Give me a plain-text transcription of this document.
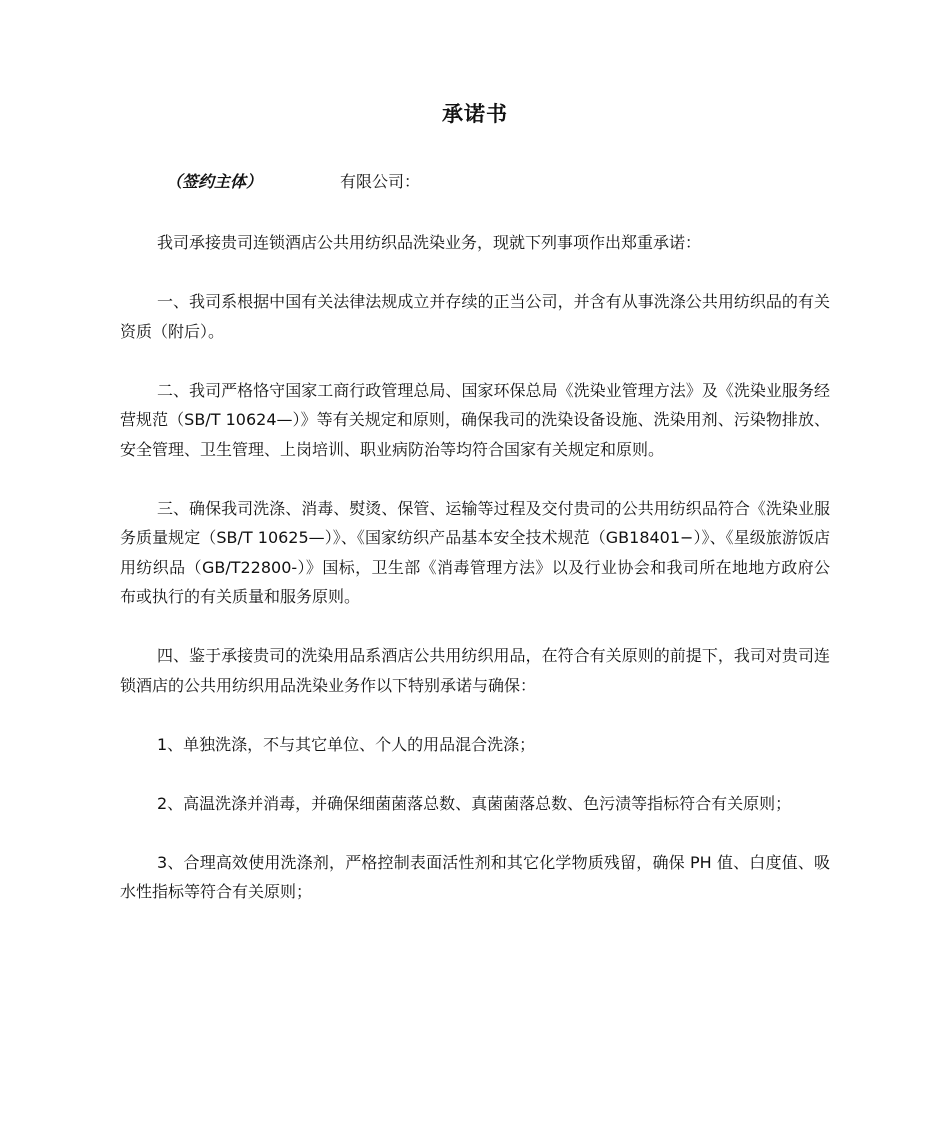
承诺书
（签约主体）	有限公司：

我司承接贵司连锁酒店公共用纺织品洗染业务，现就下列事项作出郑重承诺：

一、我司系根据中国有关法律法规成立并存续的正当公司，并含有从事洗涤公共用纺织品的有关资质（附后）。

二、我司严格恪守国家工商行政管理总局、国家环保总局《洗染业管理方法》及《洗染业服务经营规范（SB/T 10624—）》等有关规定和原则，确保我司的洗染设备设施、洗染用剂、污染物排放、安全管理、卫生管理、上岗培训、职业病防治等均符合国家有关规定和原则。

三、确保我司洗涤、消毒、熨烫、保管、运输等过程及交付贵司的公共用纺织品符合《洗染业服务质量规定（SB/T 10625—）》、《国家纺织产品基本安全技术规范（GB18401−）》、《星级旅游饭店用纺织品（GB/T22800-）》国标，卫生部《消毒管理方法》以及行业协会和我司所在地地方政府公布或执行的有关质量和服务原则。

四、鉴于承接贵司的洗染用品系酒店公共用纺织用品，在符合有关原则的前提下，我司对贵司连锁酒店的公共用纺织用品洗染业务作以下特别承诺与确保：

1、单独洗涤，不与其它单位、个人的用品混合洗涤；

2、高温洗涤并消毒，并确保细菌菌落总数、真菌菌落总数、色污渍等指标符合有关原则；

3、合理高效使用洗涤剂，严格控制表面活性剂和其它化学物质残留，确保 PH 值、白度值、吸水性指标等符合有关原则；
